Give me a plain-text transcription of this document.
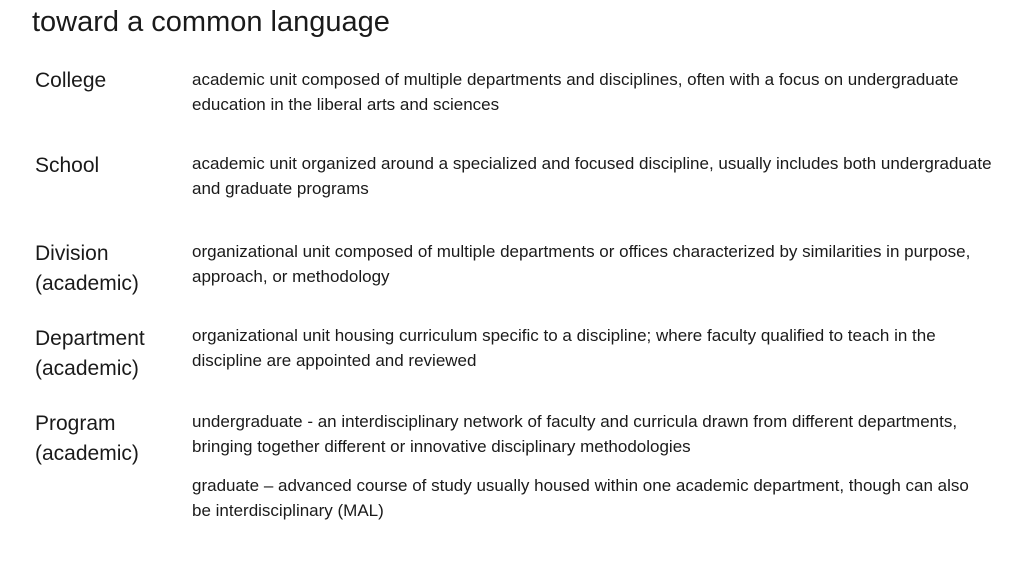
toward a common language
College	academic unit composed of multiple departments and disciplines, often with a focus on undergraduate education in the liberal arts and sciences

School	academic unit organized around a specialized and focused discipline, usually includes both undergraduate and graduate programs

Division
(academic)

organizational unit composed of multiple departments or offices characterized by similarities in purpose, approach, or methodology

Department
(academic)

organizational unit housing curriculum specific to a discipline; where faculty qualified to teach in the discipline are appointed and reviewed

Program
(academic)

undergraduate - an interdisciplinary network of faculty and curricula drawn from different departments, bringing together different or innovative disciplinary methodologies

graduate – advanced course of study usually housed within one academic department, though can also be interdisciplinary (MAL)
